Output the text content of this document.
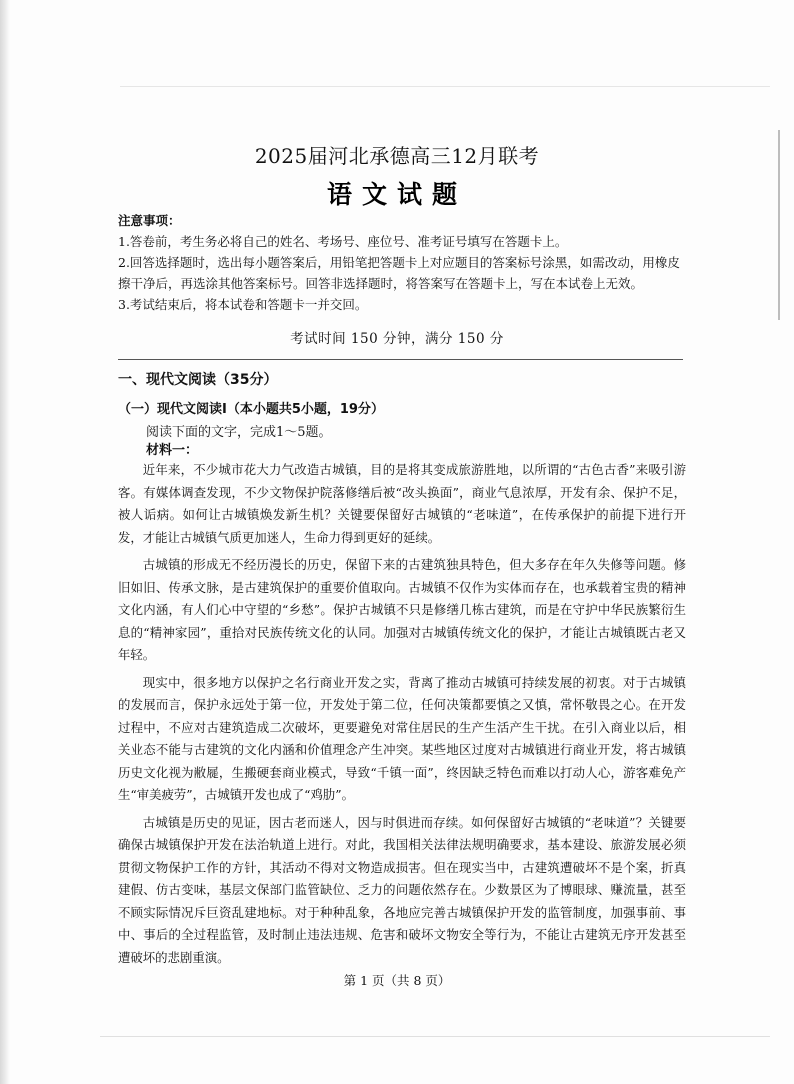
2025届河北承德高三12月联考
语文试题
注意事项：

1.答卷前，考生务必将自己的姓名、考场号、座位号、准考证号填写在答题卡上。

2.回答选择题时，选出每小题答案后，用铅笔把答题卡上对应题目的答案标号涂黑，如需改动，用橡皮

擦干净后，再选涂其他答案标号。回答非选择题时，将答案写在答题卡上，写在本试卷上无效。

3.考试结束后，将本试卷和答题卡一并交回。

考试时间 150 分钟，满分 150 分
一、现代文阅读（35分）
（一）现代文阅读Ⅰ（本小题共5小题，19分）
阅读下面的文字，完成1～5题。
材料一：

近年来，不少城市花大力气改造古城镇，目的是将其变成旅游胜地，以所谓的“古色古香”来吸引游客。有媒体调查发现，不少文物保护院落修缮后被“改头换面”，商业气息浓厚，开发有余、保护不足，被人诟病。如何让古城镇焕发新生机？关键要保留好古城镇的“老味道”，在传承保护的前提下进行开发，才能让古城镇气质更加迷人，生命力得到更好的延续。

古城镇的形成无不经历漫长的历史，保留下来的古建筑独具特色，但大多存在年久失修等问题。修旧如旧、传承文脉，是古建筑保护的重要价值取向。古城镇不仅作为实体而存在，也承载着宝贵的精神文化内涵，有人们心中守望的“乡愁”。保护古城镇不只是修缮几栋古建筑，而是在守护中华民族繁衍生息的“精神家园”，重拾对民族传统文化的认同。加强对古城镇传统文化的保护，才能让古城镇既古老又年轻。

现实中，很多地方以保护之名行商业开发之实，背离了推动古城镇可持续发展的初衷。对于古城镇的发展而言，保护永远处于第一位，开发处于第二位，任何决策都要慎之又慎，常怀敬畏之心。在开发过程中，不应对古建筑造成二次破坏，更要避免对常住居民的生产生活产生干扰。在引入商业以后，相关业态不能与古建筑的文化内涵和价值理念产生冲突。某些地区过度对古城镇进行商业开发，将古城镇历史文化视为敝屣，生搬硬套商业模式，导致“千镇一面”，终因缺乏特色而难以打动人心，游客难免产生“审美疲劳”，古城镇开发也成了“鸡肋”。

古城镇是历史的见证，因古老而迷人，因与时俱进而存续。如何保留好古城镇的“老味道”？关键要确保古城镇保护开发在法治轨道上进行。对此，我国相关法律法规明确要求，基本建设、旅游发展必须贯彻文物保护工作的方针，其活动不得对文物造成损害。但在现实当中，古建筑遭破坏不是个案，折真建假、仿古变味，基层文保部门监管缺位、乏力的问题依然存在。少数景区为了博眼球、赚流量，甚至不顾实际情况斥巨资乱建地标。对于种种乱象，各地应完善古城镇保护开发的监管制度，加强事前、事中、事后的全过程监管，及时制止违法违规、危害和破坏文物安全等行为，不能让古建筑无序开发甚至遭破坏的悲剧重演。

第 1 页（共 8 页）
